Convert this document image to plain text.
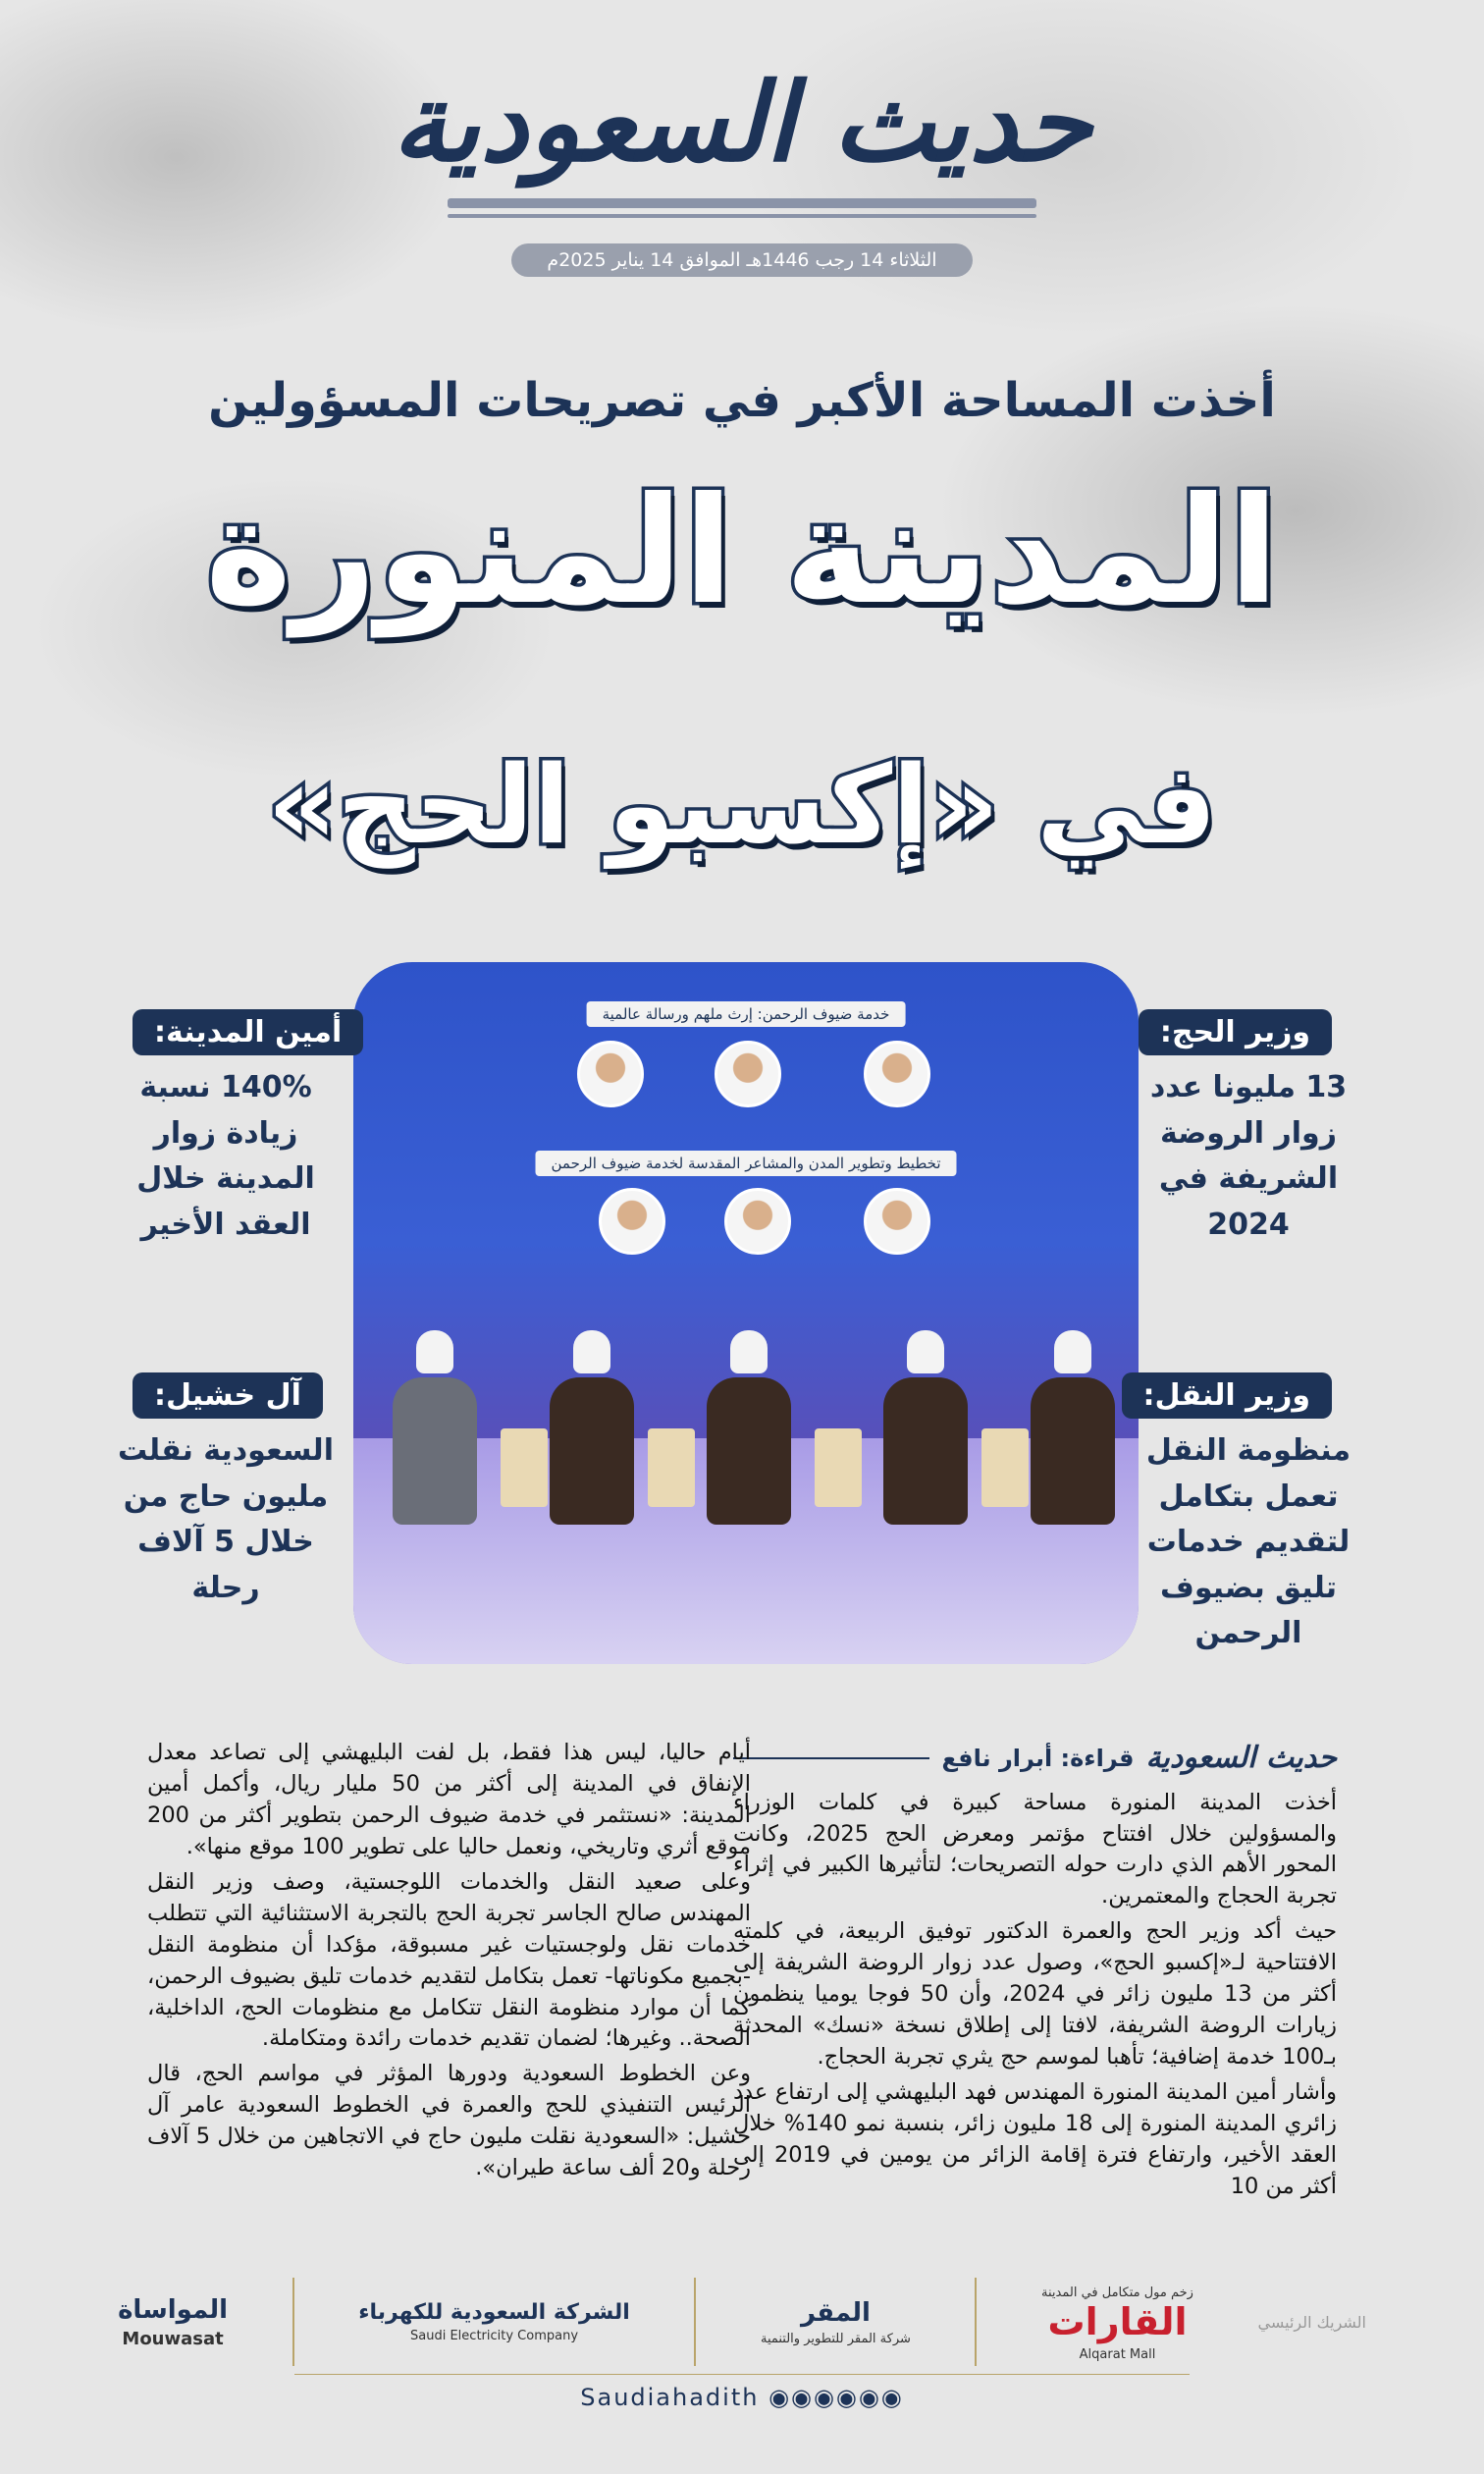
حديث السعودية
الثلاثاء 14 رجب 1446هـ الموافق 14 يناير 2025م
أخذت المساحة الأكبر في تصريحات المسؤولين
المدينة المنورة
في «إكسبو الحج»
خدمة ضيوف الرحمن: إرث ملهم ورسالة عالمية
تخطيط وتطوير المدن والمشاعر المقدسة لخدمة ضيوف الرحمن
وزير الحج:
13 مليونا عدد زوار الروضة الشريفة في 2024
وزير النقل:
منظومة النقل تعمل بتكامل لتقديم خدمات تليق بضيوف الرحمن
أمين المدينة:
140% نسبة زيادة زوار المدينة خلال العقد الأخير
آل خشيل:
السعودية نقلت مليون حاج من خلال 5 آلاف رحلة
حديث السعودية
قراءة: أبرار نافع

أخذت المدينة المنورة مساحة كبيرة في كلمات الوزراء والمسؤولين خلال افتتاح مؤتمر ومعرض الحج 2025، وكانت المحور الأهم الذي دارت حوله التصريحات؛ لتأثيرها الكبير في إثراء تجربة الحجاج والمعتمرين.

حيث أكد وزير الحج والعمرة الدكتور توفيق الربيعة، في كلمته الافتتاحية لـ«إكسبو الحج»، وصول عدد زوار الروضة الشريفة إلى أكثر من 13 مليون زائر في 2024، وأن 50 فوجا يوميا ينظمون زيارات الروضة الشريفة، لافتا إلى إطلاق نسخة «نسك» المحدثة بـ100 خدمة إضافية؛ تأهبا لموسم حج يثري تجربة الحجاج.

وأشار أمين المدينة المنورة المهندس فهد البليهشي إلى ارتفاع عدد زائري المدينة المنورة إلى 18 مليون زائر، بنسبة نمو 140% خلال العقد الأخير، وارتفاع فترة إقامة الزائر من يومين في 2019 إلى أكثر من 10

أيام حاليا، ليس هذا فقط، بل لفت البليهشي إلى تصاعد معدل الإنفاق في المدينة إلى أكثر من 50 مليار ريال، وأكمل أمين المدينة: «نستثمر في خدمة ضيوف الرحمن بتطوير أكثر من 200 موقع أثري وتاريخي، ونعمل حاليا على تطوير 100 موقع منها».

وعلى صعيد النقل والخدمات اللوجستية، وصف وزير النقل المهندس صالح الجاسر تجربة الحج بالتجربة الاستثنائية التي تتطلب خدمات نقل ولوجستيات غير مسبوقة، مؤكدا أن منظومة النقل -بجميع مكوناتها- تعمل بتكامل لتقديم خدمات تليق بضيوف الرحمن، كما أن موارد منظومة النقل تتكامل مع منظومات الحج، الداخلية، الصحة.. وغيرها؛ لضمان تقديم خدمات رائدة ومتكاملة.

وعن الخطوط السعودية ودورها المؤثر في مواسم الحج، قال الرئيس التنفيذي للحج والعمرة في الخطوط السعودية عامر آل خشيل: «السعودية نقلت مليون حاج في الاتجاهين من خلال 5 آلاف رحلة و20 ألف ساعة طيران».

الشريك الرئيسي
زخم مول متكامل في المدينة
القارات
Alqarat Mall
المقر
شركة المقر للتطوير والتنمية
الشركة السعودية للكهرباء
Saudi Electricity Company
المواساة
Mouwasat
◉◉◉◉◉◉ Saudiahadith
